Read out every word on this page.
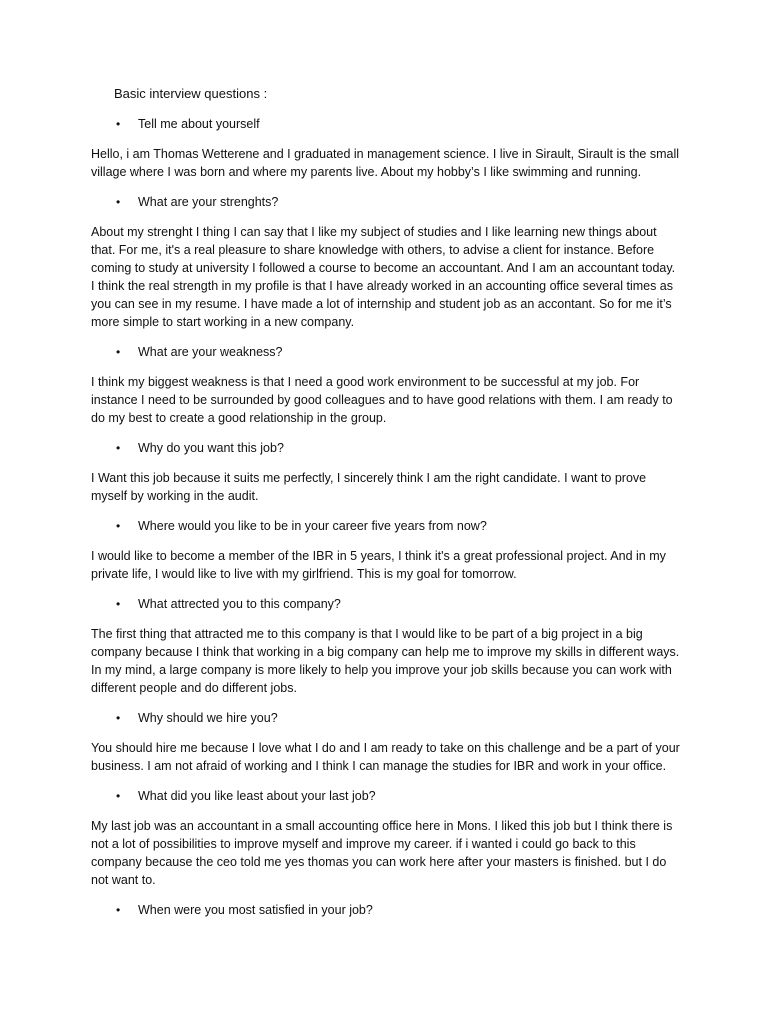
Basic interview questions :
•	Tell me about yourself

Hello, i am Thomas Wetterene and I graduated in management science. I live in Sirault, Sirault is the small village where I was born and where my parents live. About my hobby’s I like swimming and running.

•	What are your strenghts?

About my strenght I thing I can say that I like my subject of studies and I like learning new things about that. For me, it's a real pleasure to share knowledge with others, to advise a client for instance. Before coming to study at university I followed a course to become an accountant. And I am an accountant today. I think the real strength in my profile is that I have already worked in an accounting office several times as you can see in my resume. I have made a lot of internship and student job as an accontant. So for me it’s more simple to start working in a new company.

•	What are your weakness?

I think my biggest weakness is that I need a good work environment to be successful at my job. For instance I need to be surrounded by good colleagues and to have good relations with them. I am ready to do my best to create a good relationship in the group.

•	Why do you want this job?

I Want this job because it suits me perfectly, I sincerely think I am the right candidate. I want to prove myself by working in the audit.

•	Where would you like to be in your career five years from now?

I would like to become a member of the IBR in 5 years, I think it's a great professional project. And in my private life, I would like to live with my girlfriend. This is my goal for tomorrow.

•	What attrected you to this company?

The first thing that attracted me to this company is that I would like to be part of a big project in a big company because I think that working in a big company can help me to improve my skills in different ways. In my mind, a large company is more likely to help you improve your job skills because you can work with different people and do different jobs.

•	Why should we hire you?

You should hire me because I love what I do and I am ready to take on this challenge and be a part of your business. I am not afraid of working and I think I can manage the studies for IBR and work in your office.

•	What did you like least about your last job?

My last job was an accountant in a small accounting office here in Mons. I liked this job but I think there is not a lot of possibilities to improve myself and improve my career. if i wanted i could go back to this company because the ceo told me yes thomas you can work here after your masters is finished. but I do not want to.

•	When were you most satisfied in your job?
